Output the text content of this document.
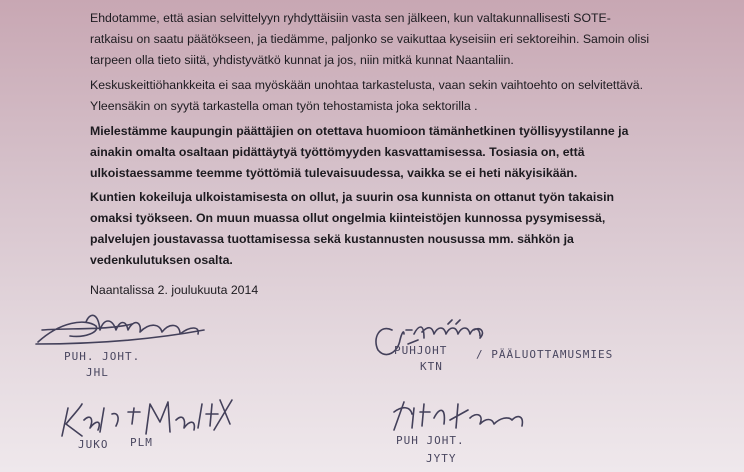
Ehdotamme, että asian selvittelyyn ryhdyttäisiin vasta sen jälkeen, kun valtakunnallisesti SOTE-ratkaisu on saatu päätökseen, ja tiedämme, paljonko se vaikuttaa kyseisiin eri sektoreihin. Samoin olisi tarpeen olla tieto siitä, yhdistyvätkö kunnat ja jos, niin mitkä kunnat Naantaliin.

Keskuskeittiöhankkeita ei saa myöskään unohtaa tarkastelusta, vaan sekin vaihtoehto on selvitettävä. Yleensäkin on syytä tarkastella oman työn tehostamista joka sektorilla .

Mielestämme kaupungin päättäjien on otettava huomioon tämänhetkinen työllisyystilanne ja ainakin omalta osaltaan pidättäytyä työttömyyden kasvattamisessa. Tosiasia on, että ulkoistaessamme teemme työttömiä tulevaisuudessa, vaikka se ei heti näkyisikään.

Kuntien kokeiluja ulkoistamisesta on ollut, ja suurin osa kunnista on ottanut työn takaisin omaksi työkseen. On muun muassa ollut ongelmia kiinteistöjen kunnossa pysymisessä, palvelujen joustavassa tuottamisessa sekä kustannusten nousussa mm. sähkön ja vedenkulutuksen osalta.

Naantalissa 2. joulukuuta 2014
PUH. JOHT.
JHL
PUHJOHT
KTN
/ PÄÄLUOTTAMUSMIES
JUKO PLM	PUH JOHT.
JYTY
